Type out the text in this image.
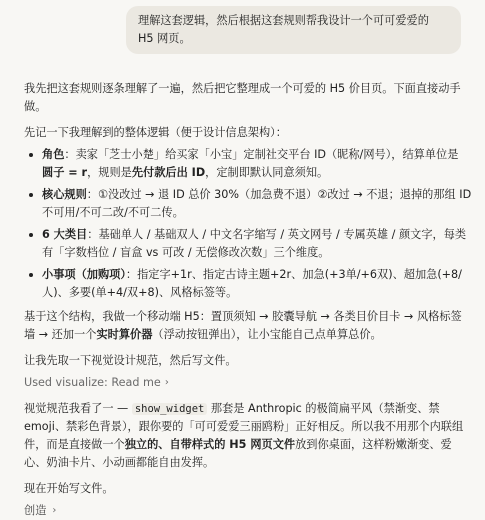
理解这套逻辑，然后根据这套规则帮我设计一个可可爱爱的

H5 网页。

我先把这套规则逐条理解了一遍，然后把它整理成一个可爱的 H5 价目页。下面直接动手做。

先记一下我理解到的整体逻辑（便于设计信息架构）：

角色：卖家「芝士小楚」给买家「小宝」定制社交平台 ID（昵称/网号），结算单位是 圆子 = r，规则是先付款后出 ID，定制即默认同意须知。
核心规则：①没改过 → 退 ID 总价 30%（加急费不退）②改过 → 不退；退掉的那组 ID 不可用/不可二改/不可二传。
6 大类目：基础单人 / 基础双人 / 中文名字缩写 / 英文网号 / 专属英雄 / 颜文字，每类有「字数档位 / 盲盒 vs 可改 / 无偿修改次数」三个维度。
小事项（加购项）：指定字+1r、指定古诗主题+2r、加急(+3单/+6双)、超加急(+8/人)、多要(单+4/双+8)、风格标签等。

基于这个结构，我做一个移动端 H5：置顶须知 → 胶囊导航 → 各类目价目卡 → 风格标签墙 → 还加一个实时算价器（浮动按钮弹出），让小宝能自己点单算总价。

让我先取一下视觉设计规范，然后写文件。

Used visualize: Read me ›

视觉规范我看了一 — show_widget 那套是 Anthropic 的极简扁平风（禁渐变、禁 emoji、禁彩色背景），跟你要的「可可爱爱三丽鸥粉」正好相反。所以我不用那个内联组件，而是直接做一个独立的、自带样式的 H5 网页文件放到你桌面，这样粉嫩渐变、爱心、奶油卡片、小动画都能自由发挥。

现在开始写文件。

创造 ›
